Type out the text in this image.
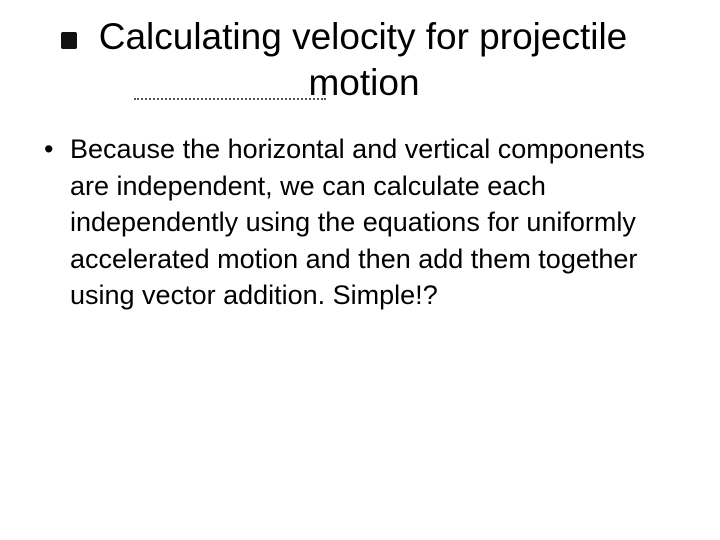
Calculating velocity for projectile
motion
• Because the horizontal and vertical components are independent, we can calculate each independently using the equations for uniformly accelerated motion and then add them together using vector addition. Simple!?
